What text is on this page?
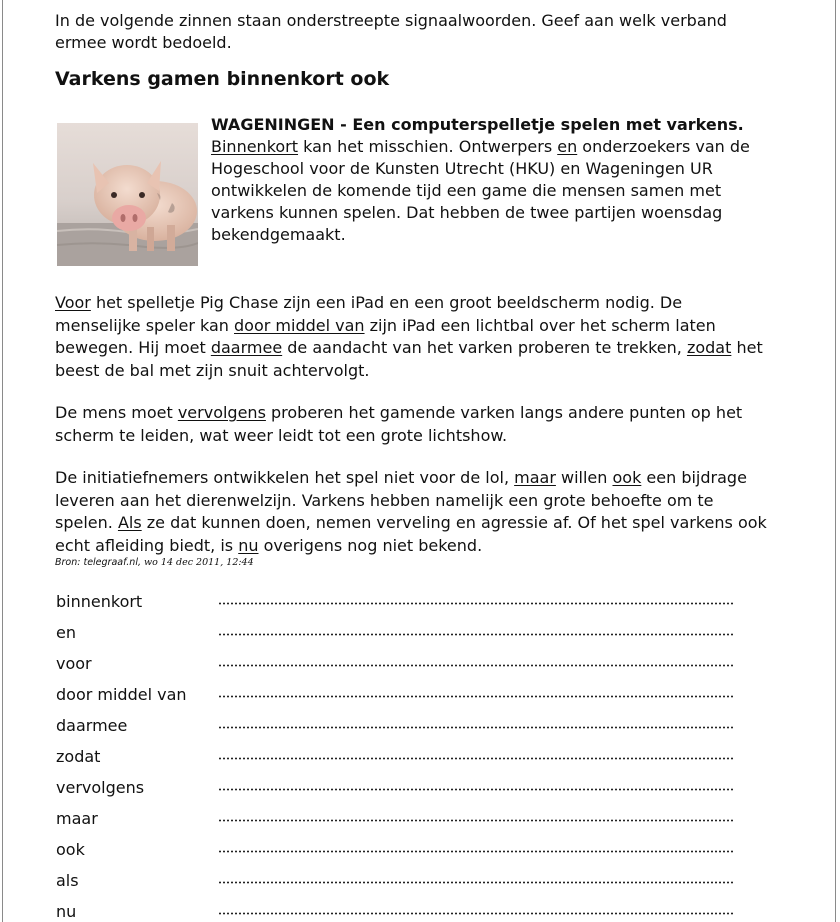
In de volgende zinnen staan onderstreepte signaalwoorden. Geef aan welk verband ermee wordt bedoeld.

Varkens gamen binnenkort ook
WAGENINGEN - Een computerspelletje spelen met varkens.
Binnenkort kan het misschien. Ontwerpers en onderzoekers van de Hogeschool voor de Kunsten Utrecht (HKU) en Wageningen UR ontwikkelen de komende tijd een game die mensen samen met varkens kunnen spelen. Dat hebben de twee partijen woensdag bekendgemaakt.

Voor het spelletje Pig Chase zijn een iPad en een groot beeldscherm nodig. De menselijke speler kan door middel van zijn iPad een lichtbal over het scherm laten bewegen. Hij moet daarmee de aandacht van het varken proberen te trekken, zodat het beest de bal met zijn snuit achtervolgt.

De mens moet vervolgens proberen het gamende varken langs andere punten op het scherm te leiden, wat weer leidt tot een grote lichtshow.

De initiatiefnemers ontwikkelen het spel niet voor de lol, maar willen ook een bijdrage leveren aan het dierenwelzijn. Varkens hebben namelijk een grote behoefte om te spelen. Als ze dat kunnen doen, nemen verveling en agressie af. Of het spel varkens ook echt afleiding biedt, is nu overigens nog niet bekend.

Bron: telegraaf.nl, wo 14 dec 2011, 12:44

binnenkort
en
voor
door middel van
daarmee
zodat
vervolgens
maar
ook
als
nu
